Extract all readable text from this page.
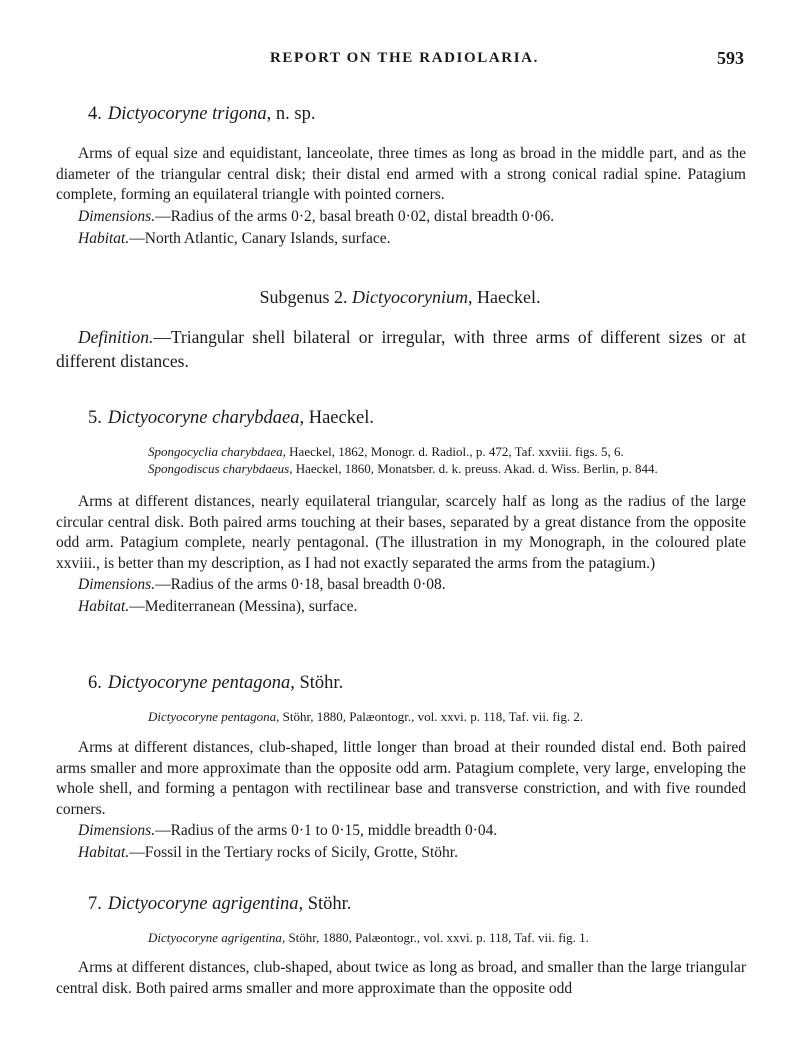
REPORT ON THE RADIOLARIA.	593
4. Dictyocoryne trigona, n. sp.

Arms of equal size and equidistant, lanceolate, three times as long as broad in the middle part, and as the diameter of the triangular central disk; their distal end armed with a strong conical radial spine. Patagium complete, forming an equilateral triangle with pointed corners.

Dimensions.—Radius of the arms 0·2, basal breath 0·02, distal breadth 0·06.
Habitat.—North Atlantic, Canary Islands, surface.
Subgenus 2. Dictyocorynium, Haeckel.

Definition.—Triangular shell bilateral or irregular, with three arms of different sizes or at different distances.

5. Dictyocoryne charybdaea, Haeckel.
Spongocyclia charybdaea, Haeckel, 1862, Monogr. d. Radiol., p. 472, Taf. xxviii. figs. 5, 6.
Spongodiscus charybdaeus, Haeckel, 1860, Monatsber. d. k. preuss. Akad. d. Wiss. Berlin, p. 844.

Arms at different distances, nearly equilateral triangular, scarcely half as long as the radius of the large circular central disk. Both paired arms touching at their bases, separated by a great distance from the opposite odd arm. Patagium complete, nearly pentagonal. (The illustration in my Monograph, in the coloured plate xxviii., is better than my description, as I had not exactly separated the arms from the patagium.)

Dimensions.—Radius of the arms 0·18, basal breadth 0·08.
Habitat.—Mediterranean (Messina), surface.
6. Dictyocoryne pentagona, Stöhr.
Dictyocoryne pentagona, Stöhr, 1880, Palæontogr., vol. xxvi. p. 118, Taf. vii. fig. 2.

Arms at different distances, club-shaped, little longer than broad at their rounded distal end. Both paired arms smaller and more approximate than the opposite odd arm. Patagium complete, very large, enveloping the whole shell, and forming a pentagon with rectilinear base and transverse constriction, and with five rounded corners.

Dimensions.—Radius of the arms 0·1 to 0·15, middle breadth 0·04.
Habitat.—Fossil in the Tertiary rocks of Sicily, Grotte, Stöhr.
7. Dictyocoryne agrigentina, Stöhr.
Dictyocoryne agrigentina, Stöhr, 1880, Palæontogr., vol. xxvi. p. 118, Taf. vii. fig. 1.

Arms at different distances, club-shaped, about twice as long as broad, and smaller than the large triangular central disk. Both paired arms smaller and more approximate than the opposite odd
